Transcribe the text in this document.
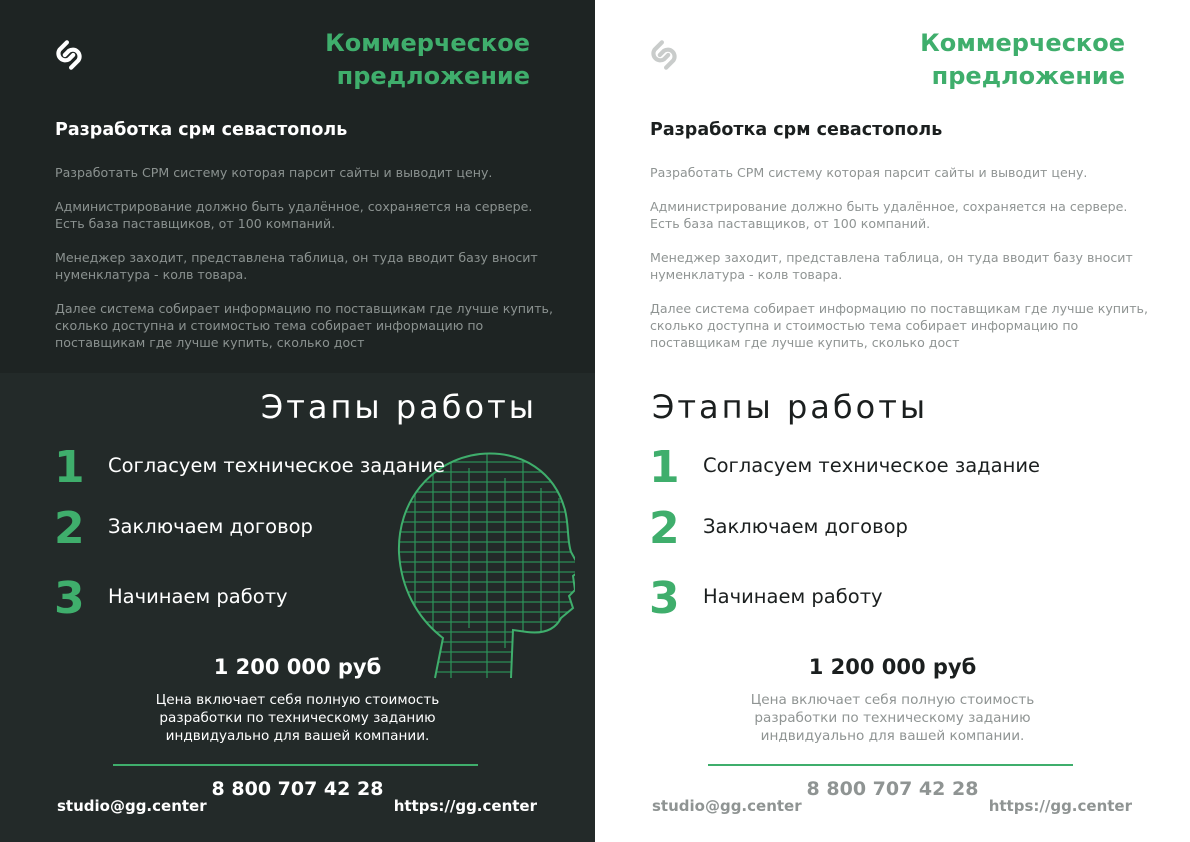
Коммерческое
предложение
Разработка срм севастополь

Разработать СРМ систему которая парсит сайты и выводит цену.

Администрирование должно быть удалённое, сохраняется на сервере. Есть база паставщиков, от 100 компаний.

Менеджер заходит, представлена таблица, он туда вводит базу вносит нуменклатура - колв товара.

Далее система собирает информацию по поставщикам где лучше купить, сколько доступна и стоимостью тема собирает информацию по поставщикам где лучше купить, сколько дост

Этапы работы
1 Согласуем техническое задание
2 Заключаем договор
3 Начинаем работу
1 200 000 руб
Цена включает себя полную стоимость
разработки по техническому заданию
индвидуально для вашей компании.
8 800 707 42 28
studio@gg.center	https://gg.center
Коммерческое
предложение
Разработка срм севастополь

Разработать СРМ систему которая парсит сайты и выводит цену.

Администрирование должно быть удалённое, сохраняется на сервере. Есть база паставщиков, от 100 компаний.

Менеджер заходит, представлена таблица, он туда вводит базу вносит нуменклатура - колв товара.

Далее система собирает информацию по поставщикам где лучше купить, сколько доступна и стоимостью тема собирает информацию по поставщикам где лучше купить, сколько дост

Этапы работы
1 Согласуем техническое задание
2 Заключаем договор
3 Начинаем работу
1 200 000 руб
Цена включает себя полную стоимость
разработки по техническому заданию
индвидуально для вашей компании.
8 800 707 42 28
studio@gg.center	https://gg.center
